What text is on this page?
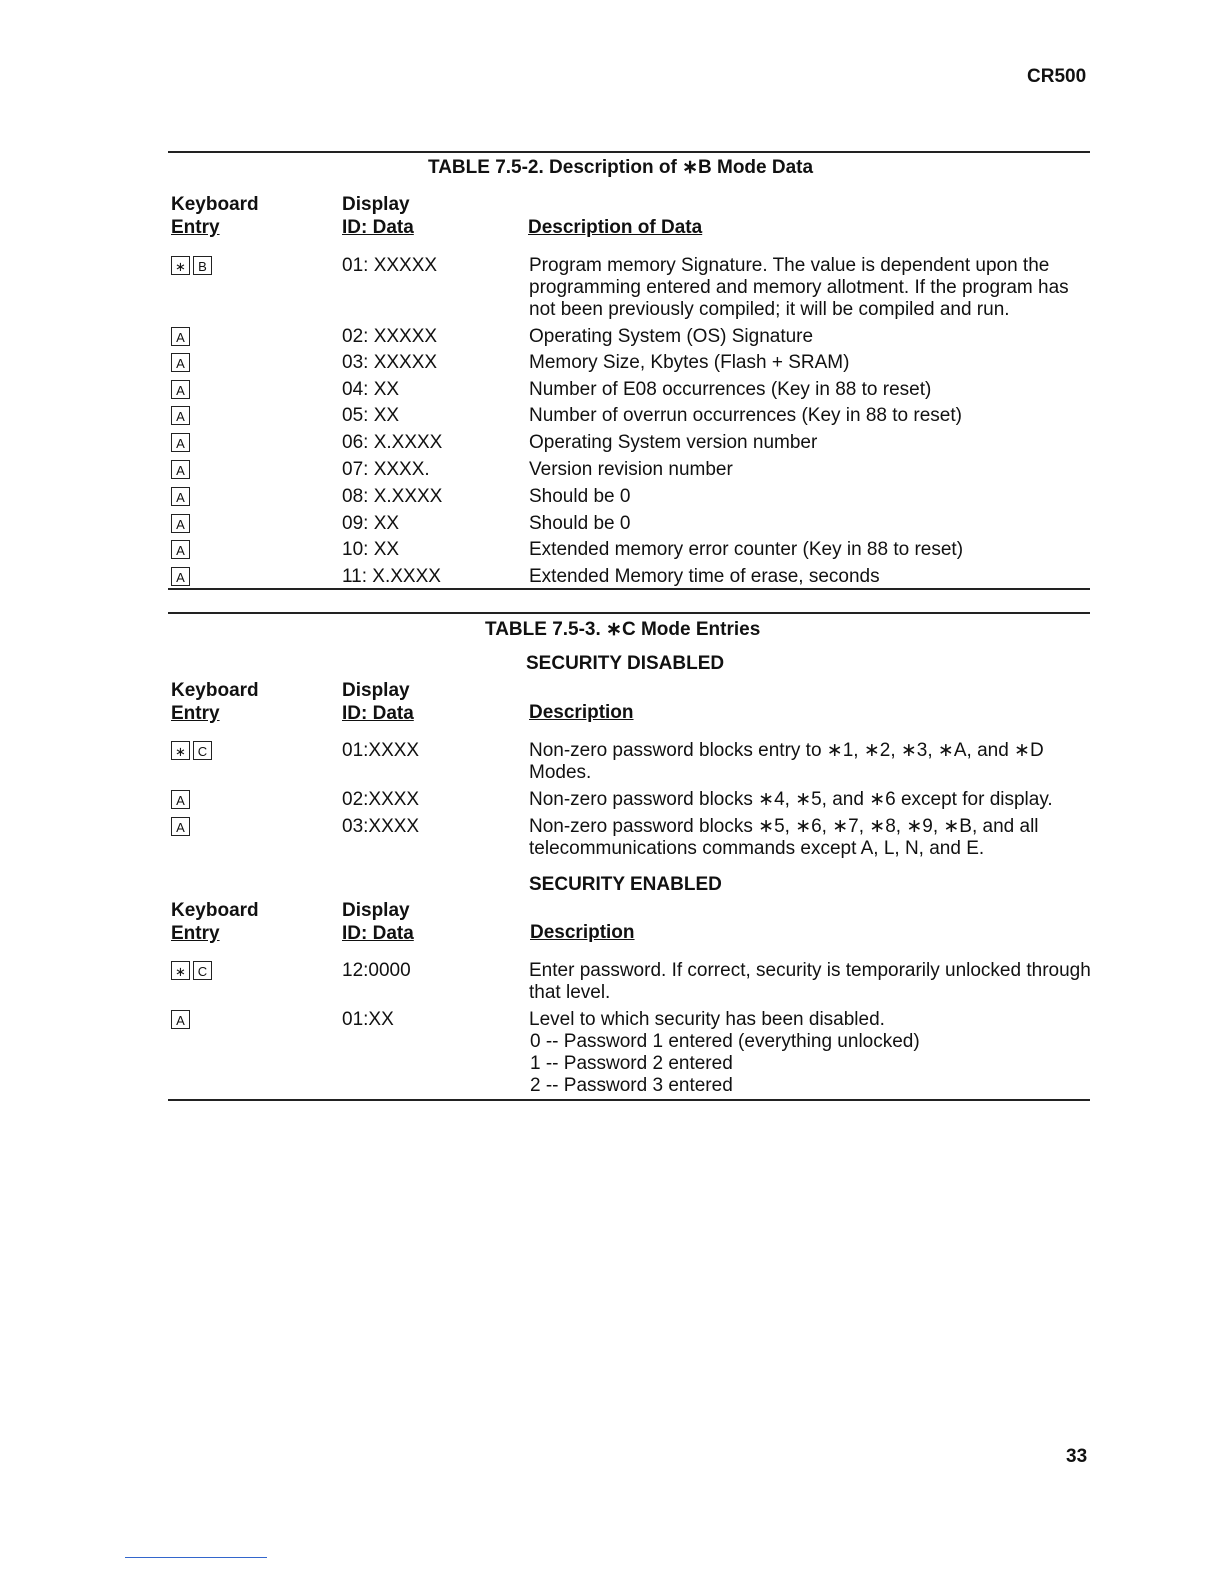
CR500
TABLE 7.5-2. Description of ∗B Mode Data
Keyboard
Entry
Display
ID: Data	Description of Data
∗ B	01: XXXXX	Program memory Signature. The value is dependent upon the programming entered and memory allotment. If the program has not been previously compiled; it will be compiled and run.
A	02: XXXXX	Operating System (OS) Signature
A	03: XXXXX	Memory Size, Kbytes (Flash + SRAM)
A	04: XX	Number of E08 occurrences (Key in 88 to reset)
A	05: XX	Number of overrun occurrences (Key in 88 to reset)
A	06: X.XXXX	Operating System version number
A	07: XXXX.	Version revision number
A	08: X.XXXX	Should be 0
A	09: XX	Should be 0
A	10: XX	Extended memory error counter (Key in 88 to reset)
A	11: X.XXXX	Extended Memory time of erase, seconds
TABLE 7.5-3. ∗C Mode Entries
SECURITY DISABLED
Keyboard
Entry
Display
ID: Data	Description
∗ C	01:XXXX	Non-zero password blocks entry to ∗1, ∗2, ∗3, ∗A, and ∗D Modes.
A	02:XXXX	Non-zero password blocks ∗4, ∗5, and ∗6 except for display.
A	03:XXXX	Non-zero password blocks ∗5, ∗6, ∗7, ∗8, ∗9, ∗B, and all telecommunications commands except A, L, N, and E.
SECURITY ENABLED
Keyboard
Entry
Display
ID: Data	Description
∗ C	12:0000	Enter password. If correct, security is temporarily unlocked through that level.
A	01:XX	Level to which security has been disabled.
0 -- Password 1 entered (everything unlocked)
1 -- Password 2 entered
2 -- Password 3 entered
33
